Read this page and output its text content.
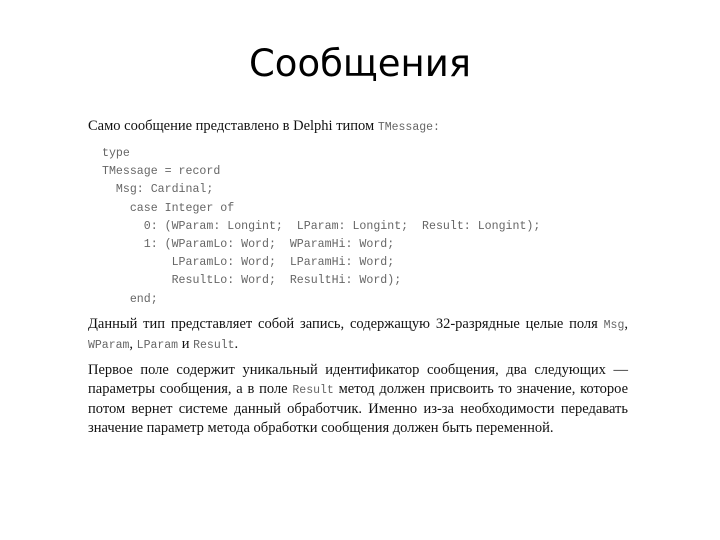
Сообщения

Само сообщение представлено в Delphi типом TMessage:

type
TMessage = record
Msg: Cardinal;
case Integer of
0: (WParam: Longint;  LParam: Longint;  Result: Longint);
1: (WParamLo: Word;  WParamHi: Word;
LParamLo: Word;  LParamHi: Word;
ResultLo: Word;  ResultHi: Word);
end;

Данный тип представляет собой запись, содержащую 32-разрядные целые поля Msg, WParam, LParam и Result.

Первое поле содержит уникальный идентификатор сообщения, два следующих — параметры сообщения, а в поле Result метод должен присвоить то значение, которое потом вернет системе данный обработчик. Именно из-за необходимости передавать значение параметр метода обработки сообщения должен быть переменной.
